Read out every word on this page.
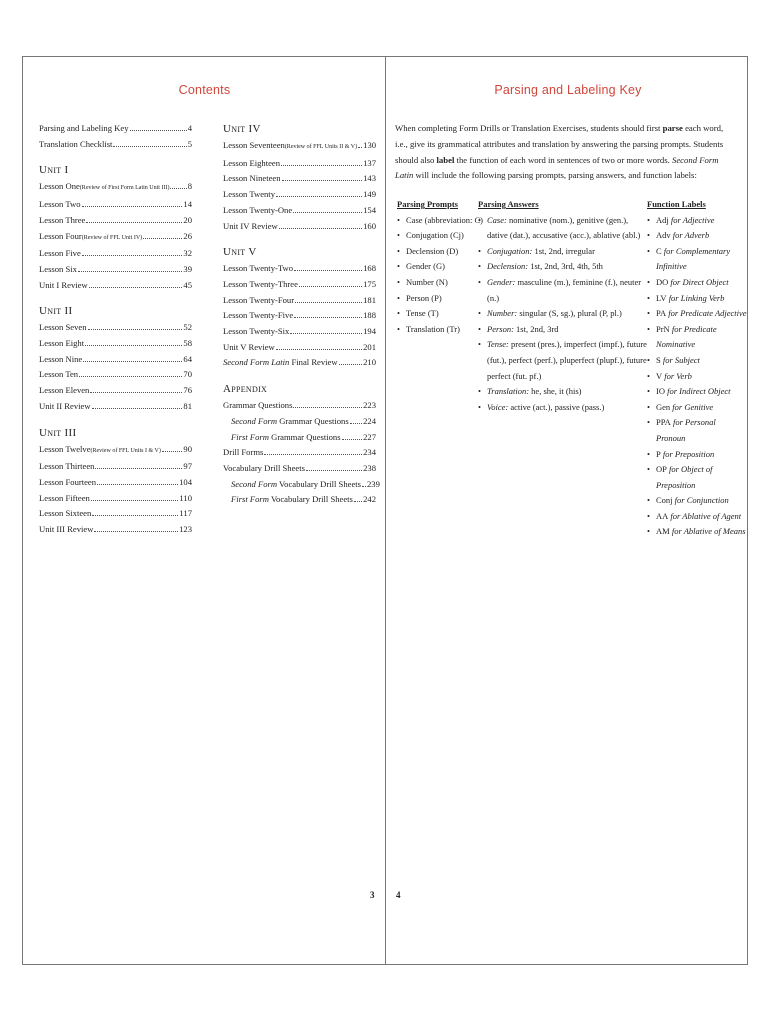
Contents
Parsing and Labeling Key	4
Translation Checklist	5
Unit I
Lesson One (Review of First Form Latin Unit III) 8
Lesson Two	14
Lesson Three	20
Lesson Four (Review of FFL Unit IV)	26
Lesson Five	32
Lesson Six	39
Unit I Review	45
Unit II
Lesson Seven	52
Lesson Eight	58
Lesson Nine	64
Lesson Ten	70
Lesson Eleven	76
Unit II Review	81
Unit III
Lesson Twelve (Review of FFL Units I & V)	90
Lesson Thirteen	97
Lesson Fourteen	104
Lesson Fifteen	110
Lesson Sixteen	117
Unit III Review	123
Unit IV
Lesson Seventeen (Review of FFL Units II & V) 130
Lesson Eighteen	137
Lesson Nineteen	143
Lesson Twenty	149
Lesson Twenty-One	154
Unit IV Review	160
Unit V
Lesson Twenty-Two	168
Lesson Twenty-Three	175
Lesson Twenty-Four	181
Lesson Twenty-Five	188
Lesson Twenty-Six	194
Unit V Review	201
Second Form Latin Final Review	210
Appendix
Grammar Questions	223
Second Form Grammar Questions 224
First Form Grammar Questions	227
Drill Forms	234
Vocabulary Drill Sheets	238
Second Form Vocabulary Drill Sheets 239
First Form Vocabulary Drill Sheets 242
3
Parsing and Labeling Key
When completing Form Drills or Translation Exercises, students should first parse each word, i.e., give its grammatical attributes and translation by answering the parsing prompts. Students should also label the function of each word in sentences of two or more words. Second Form Latin will include the following parsing prompts, parsing answers, and function labels:
Parsing Prompts
• Case (abbreviation: C)
• Conjugation (Cj)
• Declension (D)
• Gender (G)
• Number (N)
• Person (P)
• Tense (T)
• Translation (Tr)
Parsing Answers
• Case: nominative (nom.), genitive (gen.), dative (dat.), accusative (acc.), ablative (abl.)
• Conjugation: 1st, 2nd, irregular
• Declension: 1st, 2nd, 3rd, 4th, 5th
• Gender: masculine (m.), feminine (f.), neuter (n.)
• Number: singular (S, sg.), plural (P, pl.)
• Person: 1st, 2nd, 3rd
• Tense: present (pres.), imperfect (impf.), future (fut.), perfect (perf.), pluperfect (plupf.), future perfect (fut. pf.)
• Translation: he, she, it (his)
• Voice: active (act.), passive (pass.)
Function Labels
• Adj for Adjective
• Adv for Adverb
• C for Complementary Infinitive
• DO for Direct Object
• LV for Linking Verb
• PA for Predicate Adjective
• PrN for Predicate Nominative
• S for Subject
• V for Verb
• IO for Indirect Object
• Gen for Genitive
• PPA for Personal Pronoun
• P for Preposition
• OP for Object of Preposition
• Conj for Conjunction
• AA for Ablative of Agent
• AM for Ablative of Means
4
